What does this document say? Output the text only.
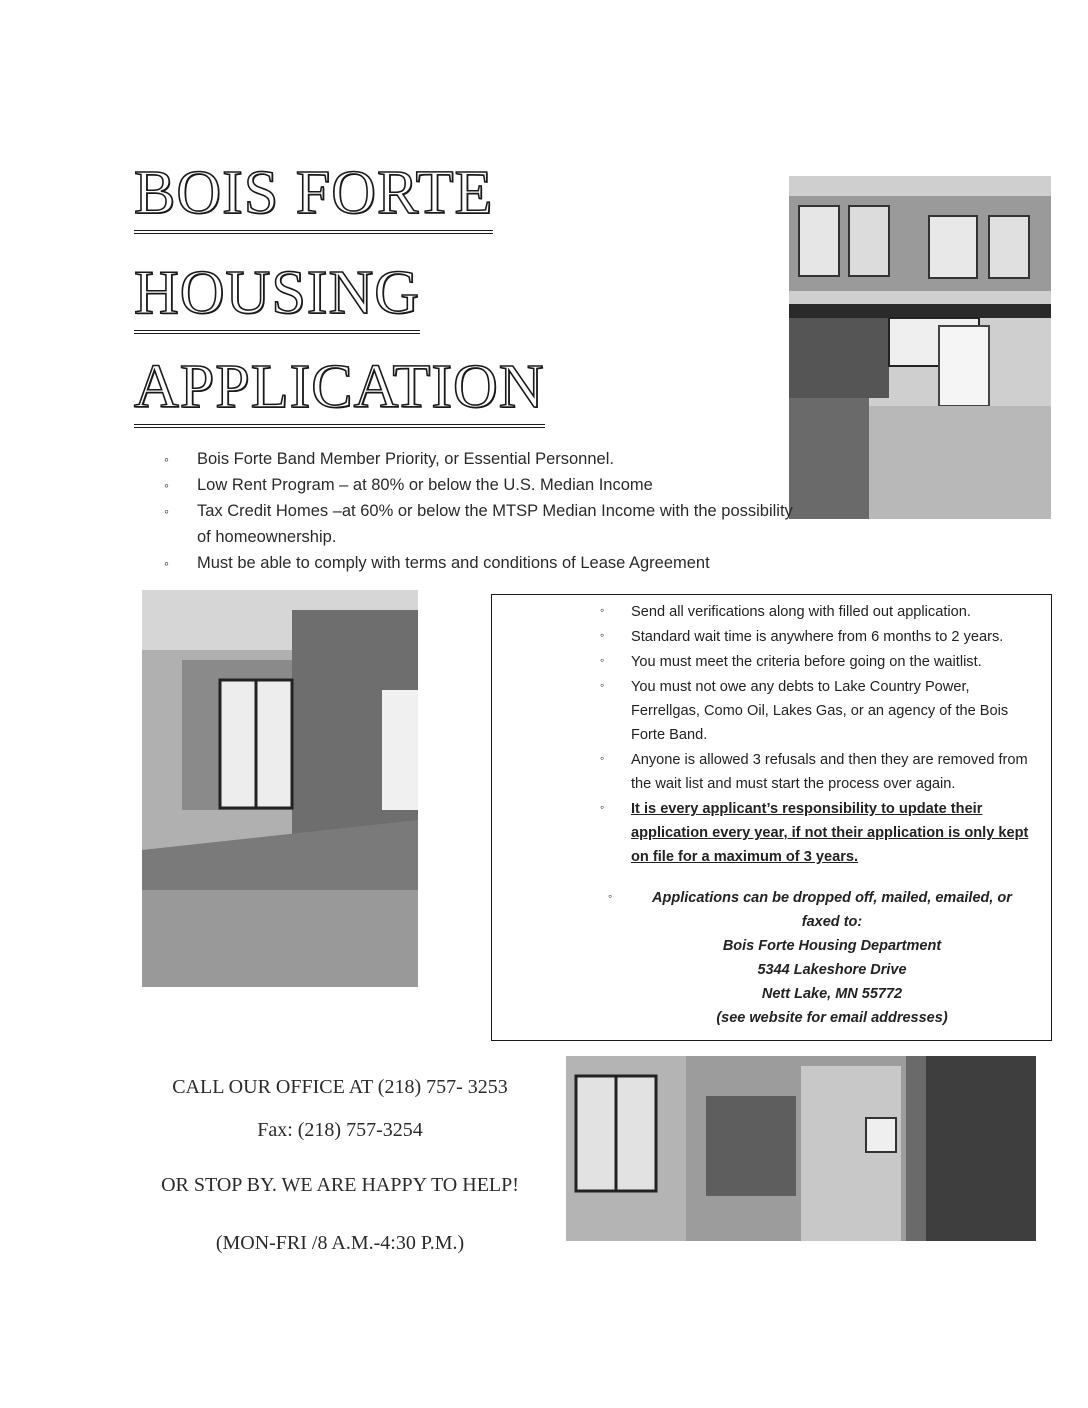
BOIS FORTE
HOUSING
APPLICATION
◦ Bois Forte Band Member Priority, or Essential Personnel.
◦ Low Rent Program – at 80% or below the U.S. Median Income
◦ Tax Credit Homes –at 60% or below the MTSP Median Income with the possibility of homeownership.
◦ Must be able to comply with terms and conditions of Lease Agreement
◦ Send all verifications along with filled out application.
◦ Standard wait time is anywhere from 6 months to 2 years.
◦ You must meet the criteria before going on the waitlist.
◦ You must not owe any debts to Lake Country Power, Ferrellgas, Como Oil, Lakes Gas, or an agency of the Bois Forte Band.
◦ Anyone is allowed 3 refusals and then they are removed from the wait list and must start the process over again.
◦ It is every applicant’s responsibility to update their application every year, if not their application is only kept on file for a maximum of 3 years.
◦	Applications can be dropped off, mailed, emailed, or
faxed to:
Bois Forte Housing Department
5344 Lakeshore Drive
Nett Lake, MN 55772
(see website for email addresses)
CALL OUR OFFICE AT (218) 757- 3253
Fax: (218) 757-3254
OR STOP BY. WE ARE HAPPY TO HELP!
(MON-FRI /8 A.M.-4:30 P.M.)
